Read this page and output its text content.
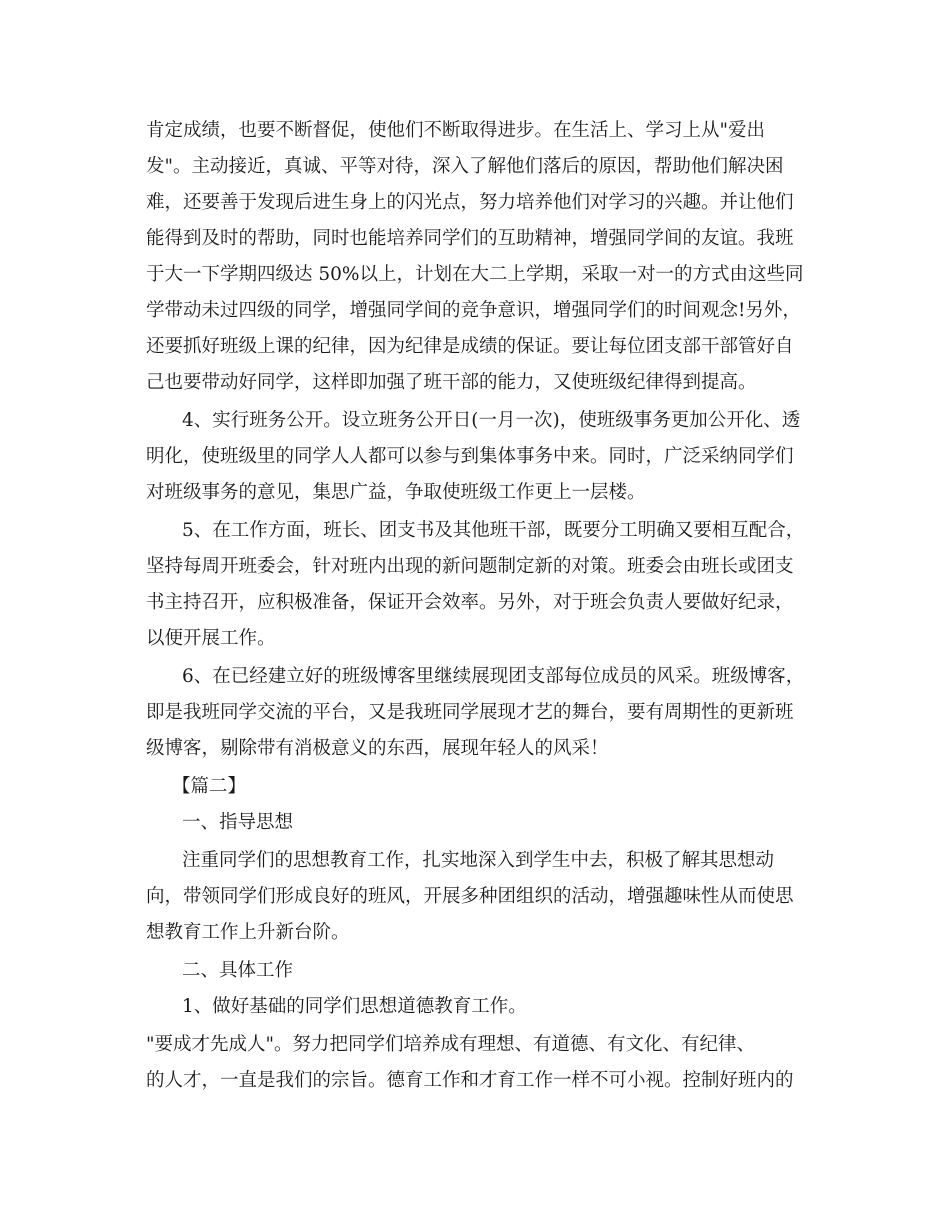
肯定成绩，也要不断督促，使他们不断取得进步。在生活上、学习上从"爱出
发"。主动接近，真诚、平等对待，深入了解他们落后的原因，帮助他们解决困
难，还要善于发现后进生身上的闪光点，努力培养他们对学习的兴趣。并让他们
能得到及时的帮助，同时也能培养同学们的互助精神，增强同学间的友谊。我班
于大一下学期四级达 50%以上，计划在大二上学期，采取一对一的方式由这些同
学带动未过四级的同学，增强同学间的竞争意识，增强同学们的时间观念!另外，
还要抓好班级上课的纪律，因为纪律是成绩的保证。要让每位团支部干部管好自
己也要带动好同学，这样即加强了班干部的能力，又使班级纪律得到提高。
4、实行班务公开。设立班务公开日(一月一次)，使班级事务更加公开化、透
明化，使班级里的同学人人都可以参与到集体事务中来。同时，广泛采纳同学们
对班级事务的意见，集思广益，争取使班级工作更上一层楼。
5、在工作方面，班长、团支书及其他班干部，既要分工明确又要相互配合，
坚持每周开班委会，针对班内出现的新问题制定新的对策。班委会由班长或团支
书主持召开，应积极准备，保证开会效率。另外，对于班会负责人要做好纪录，
以便开展工作。
6、在已经建立好的班级博客里继续展现团支部每位成员的风采。班级博客，
即是我班同学交流的平台，又是我班同学展现才艺的舞台，要有周期性的更新班
级博客，剔除带有消极意义的东西，展现年轻人的风采！
【篇二】
一、指导思想
注重同学们的思想教育工作，扎实地深入到学生中去，积极了解其思想动
向，带领同学们形成良好的班风，开展多种团组织的活动，增强趣味性从而使思
想教育工作上升新台阶。
二、具体工作
1、做好基础的同学们思想道德教育工作。
"要成才先成人"。努力把同学们培养成有理想、有道德、有文化、有纪律、
的人才，一直是我们的宗旨。德育工作和才育工作一样不可小视。控制好班内的
